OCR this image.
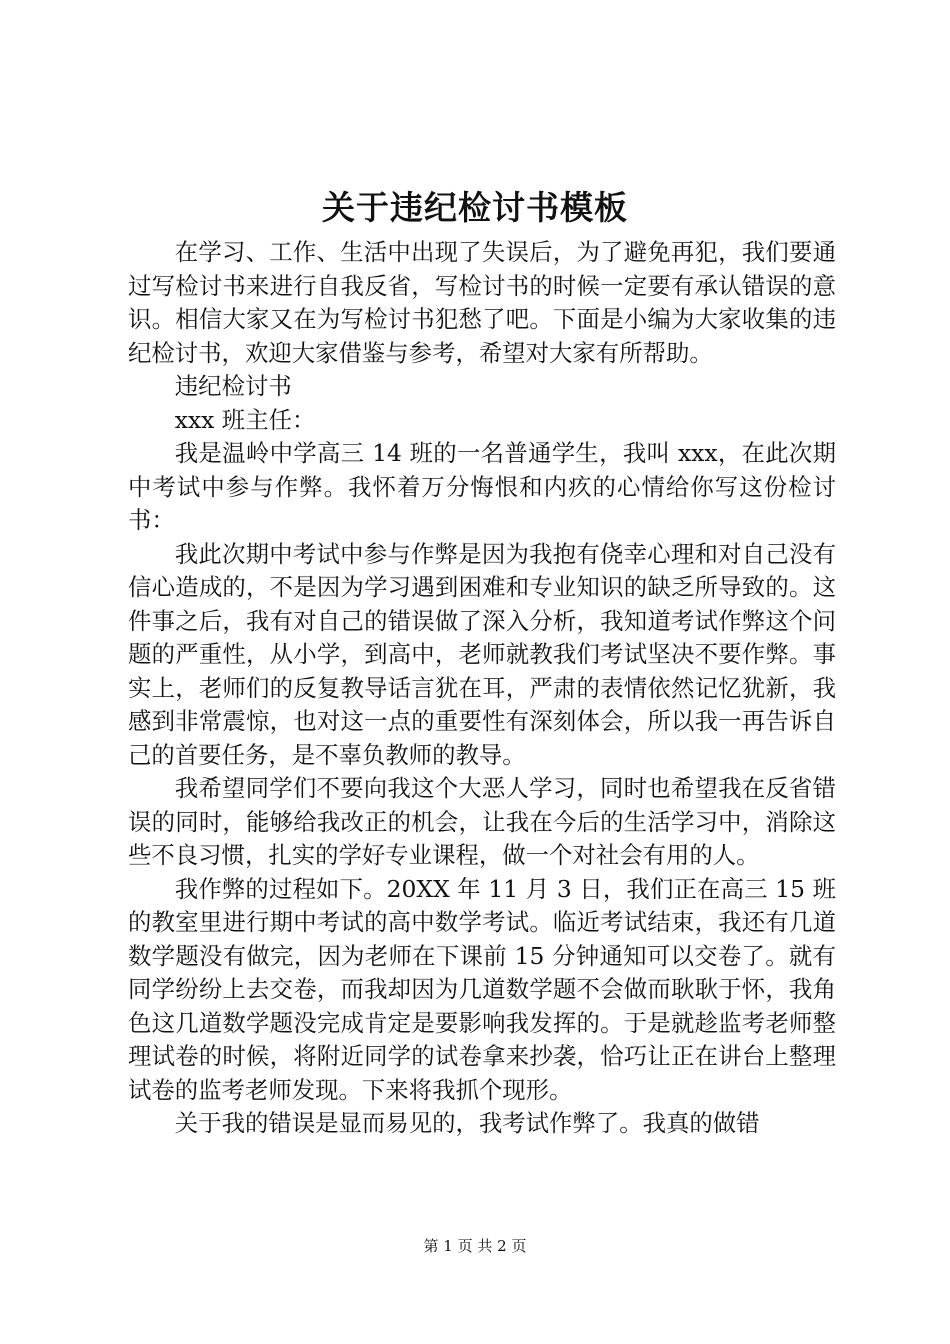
关于违纪检讨书模板

在学习、工作、生活中出现了失误后，为了避免再犯，我们要通过写检讨书来进行自我反省，写检讨书的时候一定要有承认错误的意识。相信大家又在为写检讨书犯愁了吧。下面是小编为大家收集的违纪检讨书，欢迎大家借鉴与参考，希望对大家有所帮助。

违纪检讨书

xxx 班主任：

我是温岭中学高三 14 班的一名普通学生，我叫 xxx，在此次期中考试中参与作弊。我怀着万分悔恨和内疚的心情给你写这份检讨书：

我此次期中考试中参与作弊是因为我抱有侥幸心理和对自己没有信心造成的，不是因为学习遇到困难和专业知识的缺乏所导致的。这件事之后，我有对自己的错误做了深入分析，我知道考试作弊这个问题的严重性，从小学，到高中，老师就教我们考试坚决不要作弊。事实上，老师们的反复教导话言犹在耳，严肃的表情依然记忆犹新，我感到非常震惊，也对这一点的重要性有深刻体会，所以我一再告诉自己的首要任务，是不辜负教师的教导。

我希望同学们不要向我这个大恶人学习，同时也希望我在反省错误的同时，能够给我改正的机会，让我在今后的生活学习中，消除这些不良习惯，扎实的学好专业课程，做一个对社会有用的人。

我作弊的过程如下。20XX 年 11 月 3 日，我们正在高三 15 班的教室里进行期中考试的高中数学考试。临近考试结束，我还有几道数学题没有做完，因为老师在下课前 15 分钟通知可以交卷了。就有同学纷纷上去交卷，而我却因为几道数学题不会做而耿耿于怀，我角色这几道数学题没完成肯定是要影响我发挥的。于是就趁监考老师整理试卷的时候，将附近同学的试卷拿来抄袭，恰巧让正在讲台上整理试卷的监考老师发现。下来将我抓个现形。

关于我的错误是显而易见的，我考试作弊了。我真的做错

第 1 页 共 2 页
